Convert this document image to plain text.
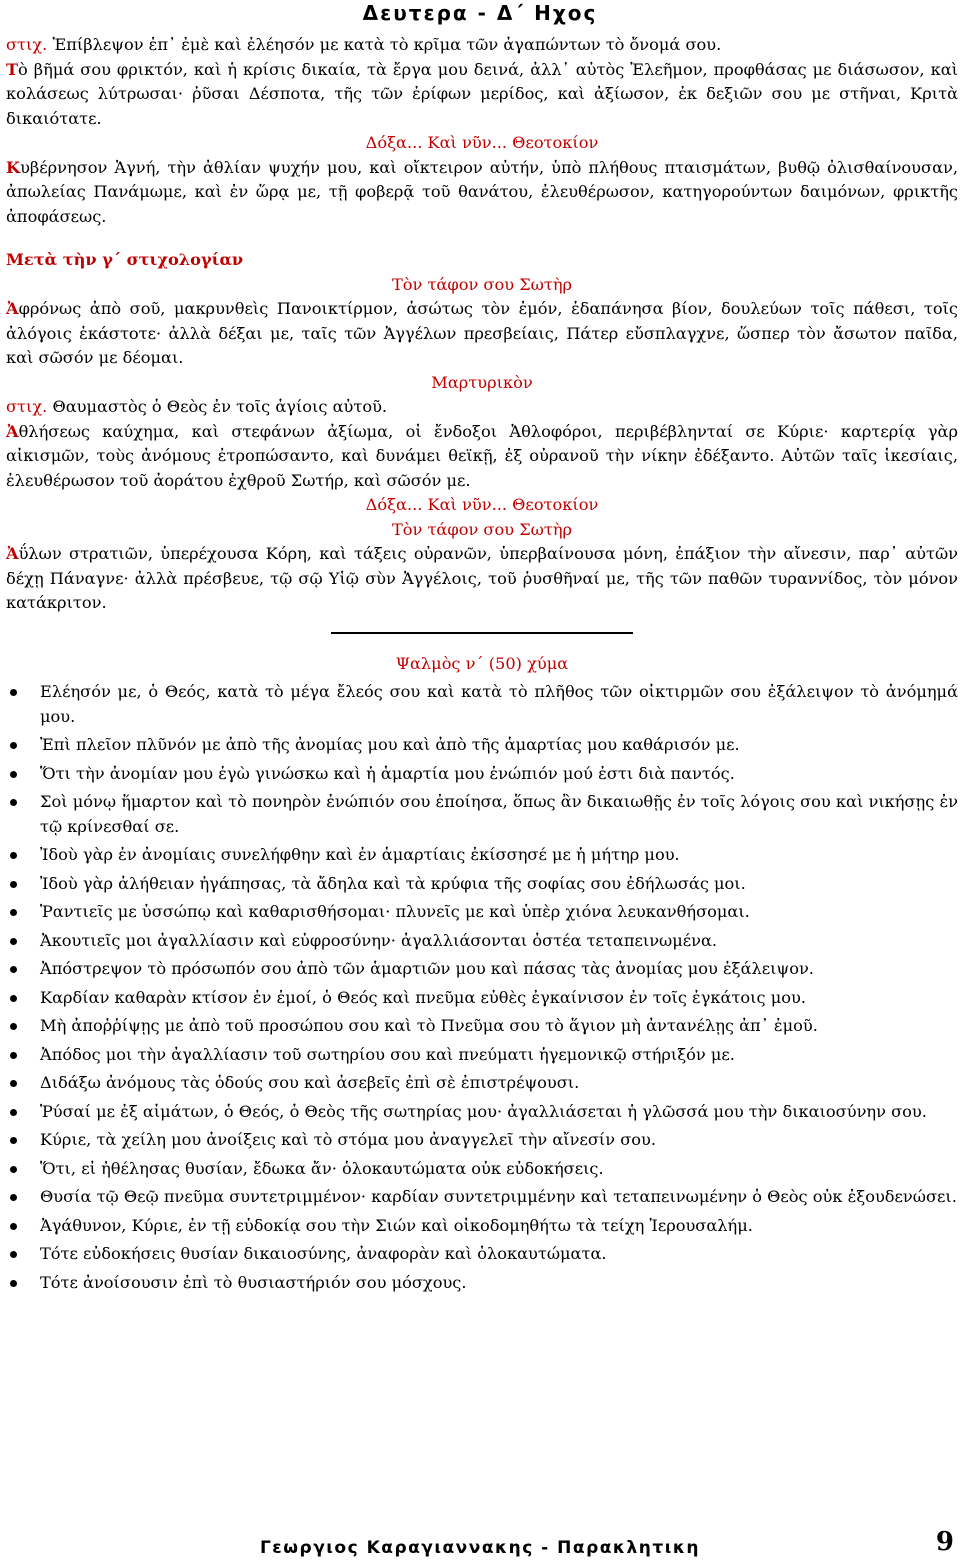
Δευτερα - Δ΄ Ηχος

στιχ. Ἐπίβλεψον ἐπ᾽ ἐμὲ καὶ ἐλέησόν με κατὰ τὸ κρῖμα τῶν ἀγαπώντων τὸ ὄνομά σου.

Τὸ βῆμά σου φρικτόν, καὶ ἡ κρίσις δικαία, τὰ ἔργα μου δεινά, ἀλλ᾽ αὐτὸς Ἐλεῆμον, προφθάσας με διάσωσον, καὶ κολάσεως λύτρωσαι· ῥῦσαι Δέσποτα, τῆς τῶν ἐρίφων μερίδος, καὶ ἀξίωσον, ἐκ δεξιῶν σου με στῆναι, Κριτὰ δικαιότατε.

Δόξα... Καὶ νῦν... Θεοτοκίον

Κυβέρνησον Ἁγνή, τὴν ἀθλίαν ψυχήν μου, καὶ οἴκτειρον αὐτήν, ὑπὸ πλήθους πταισμάτων, βυθῷ ὀλισθαίνουσαν, ἀπωλείας Πανάμωμε, καὶ ἐν ὥρᾳ με, τῇ φοβερᾷ τοῦ θανάτου, ἐλευθέρωσον, κατηγορούντων δαιμόνων, φρικτῆς ἀποφάσεως.

Μετὰ τὴν γ΄ στιχολογίαν

Τὸν τάφον σου Σωτὴρ

Ἀφρόνως ἀπὸ σοῦ, μακρυνθεὶς Πανοικτίρμον, ἀσώτως τὸν ἐμόν, ἐδαπάνησα βίον, δουλεύων τοῖς πάθεσι, τοῖς ἀλόγοις ἑκάστοτε· ἀλλὰ δέξαι με, ταῖς τῶν Ἀγγέλων πρεσβείαις, Πάτερ εὔσπλαγχνε, ὥσπερ τὸν ἄσωτον παῖδα, καὶ σῶσόν με δέομαι.

Μαρτυρικὸν

στιχ. Θαυμαστὸς ὁ Θεὸς ἐν τοῖς ἁγίοις αὐτοῦ.

Ἀθλήσεως καύχημα, καὶ στεφάνων ἀξίωμα, οἱ ἔνδοξοι Ἀθλοφόροι, περιβέβληνταί σε Κύριε· καρτερίᾳ γὰρ αἰκισμῶν, τοὺς ἀνόμους ἐτροπώσαντο, καὶ δυνάμει θεϊκῇ, ἐξ οὐρανοῦ τὴν νίκην ἐδέξαντο. Αὐτῶν ταῖς ἱκεσίαις, ἐλευθέρωσον τοῦ ἀοράτου ἐχθροῦ Σωτήρ, καὶ σῶσόν με.

Δόξα... Καὶ νῦν... Θεοτοκίον

Τὸν τάφον σου Σωτὴρ

Ἀΰλων στρατιῶν, ὑπερέχουσα Κόρη, καὶ τάξεις οὐρανῶν, ὑπερβαίνουσα μόνη, ἐπάξιον τὴν αἴνεσιν, παρ᾽ αὐτῶν δέχῃ Πάναγνε· ἀλλὰ πρέσβευε, τῷ σῷ Υἱῷ σὺν Ἀγγέλοις, τοῦ ῥυσθῆναί με, τῆς τῶν παθῶν τυραννίδος, τὸν μόνον κατάκριτον.

Ψαλμὸς ν΄ (50) χύμα

Ελέησόν με, ὁ Θεός, κατὰ τὸ μέγα ἔλεός σου καὶ κατὰ τὸ πλῆθος τῶν οἰκτιρμῶν σου ἐξάλειψον τὸ ἀνόμημά μου.
Ἐπὶ πλεῖον πλῦνόν με ἀπὸ τῆς ἀνομίας μου καὶ ἀπὸ τῆς ἁμαρτίας μου καθάρισόν με.
Ὅτι τὴν ἀνομίαν μου ἐγὼ γινώσκω καὶ ἡ ἁμαρτία μου ἐνώπιόν μού ἐστι διὰ παντός.
Σοὶ μόνῳ ἥμαρτον καὶ τὸ πονηρὸν ἐνώπιόν σου ἐποίησα, ὅπως ἂν δικαιωθῇς ἐν τοῖς λόγοις σου καὶ νικήσῃς ἐν τῷ κρίνεσθαί σε.
Ἰδοὺ γὰρ ἐν ἀνομίαις συνελήφθην καὶ ἐν ἁμαρτίαις ἐκίσσησέ με ἡ μήτηρ μου.
Ἰδοὺ γὰρ ἀλήθειαν ἠγάπησας, τὰ ἄδηλα καὶ τὰ κρύφια τῆς σοφίας σου ἐδήλωσάς μοι.
Ῥαντιεῖς με ὑσσώπῳ καὶ καθαρισθήσομαι· πλυνεῖς με καὶ ὑπὲρ χιόνα λευκανθήσομαι.
Ἀκουτιεῖς μοι ἀγαλλίασιν καὶ εὐφροσύνην· ἀγαλλιάσονται ὀστέα τεταπεινωμένα.
Ἀπόστρεψον τὸ πρόσωπόν σου ἀπὸ τῶν ἁμαρτιῶν μου καὶ πάσας τὰς ἀνομίας μου ἐξάλειψον.
Καρδίαν καθαρὰν κτίσον ἐν ἐμοί, ὁ Θεός καὶ πνεῦμα εὐθὲς ἐγκαίνισον ἐν τοῖς ἐγκάτοις μου.
Μὴ ἀποῤῥίψῃς με ἀπὸ τοῦ προσώπου σου καὶ τὸ Πνεῦμα σου τὸ ἅγιον μὴ ἀντανέλῃς ἀπ᾽ ἐμοῦ.
Ἀπόδος μοι τὴν ἀγαλλίασιν τοῦ σωτηρίου σου καὶ πνεύματι ἡγεμονικῷ στήριξόν με.
Διδάξω ἀνόμους τὰς ὁδούς σου καὶ ἀσεβεῖς ἐπὶ σὲ ἐπιστρέψουσι.
Ῥύσαί με ἐξ αἱμάτων, ὁ Θεός, ὁ Θεὸς τῆς σωτηρίας μου· ἀγαλλιάσεται ἡ γλῶσσά μου τὴν δικαιοσύνην σου.
Κύριε, τὰ χείλη μου ἀνοίξεις καὶ τὸ στόμα μου ἀναγγελεῖ τὴν αἴνεσίν σου.
Ὅτι, εἰ ἠθέλησας θυσίαν, ἔδωκα ἄν· ὁλοκαυτώματα οὐκ εὐδοκήσεις.
Θυσία τῷ Θεῷ πνεῦμα συντετριμμένον· καρδίαν συντετριμμένην καὶ τεταπεινωμένην ὁ Θεὸς οὐκ ἐξουδενώσει.
Ἀγάθυνον, Κύριε, ἐν τῇ εὐδοκίᾳ σου τὴν Σιών καὶ οἰκοδομηθήτω τὰ τείχη Ἱερουσαλήμ.
Τότε εὐδοκήσεις θυσίαν δικαιοσύνης, ἀναφορὰν καὶ ὁλοκαυτώματα.
Τότε ἀνοίσουσιν ἐπὶ τὸ θυσιαστήριόν σου μόσχους.
Γεωργιος Καραγιαννακης - Παρακλητικη	9
